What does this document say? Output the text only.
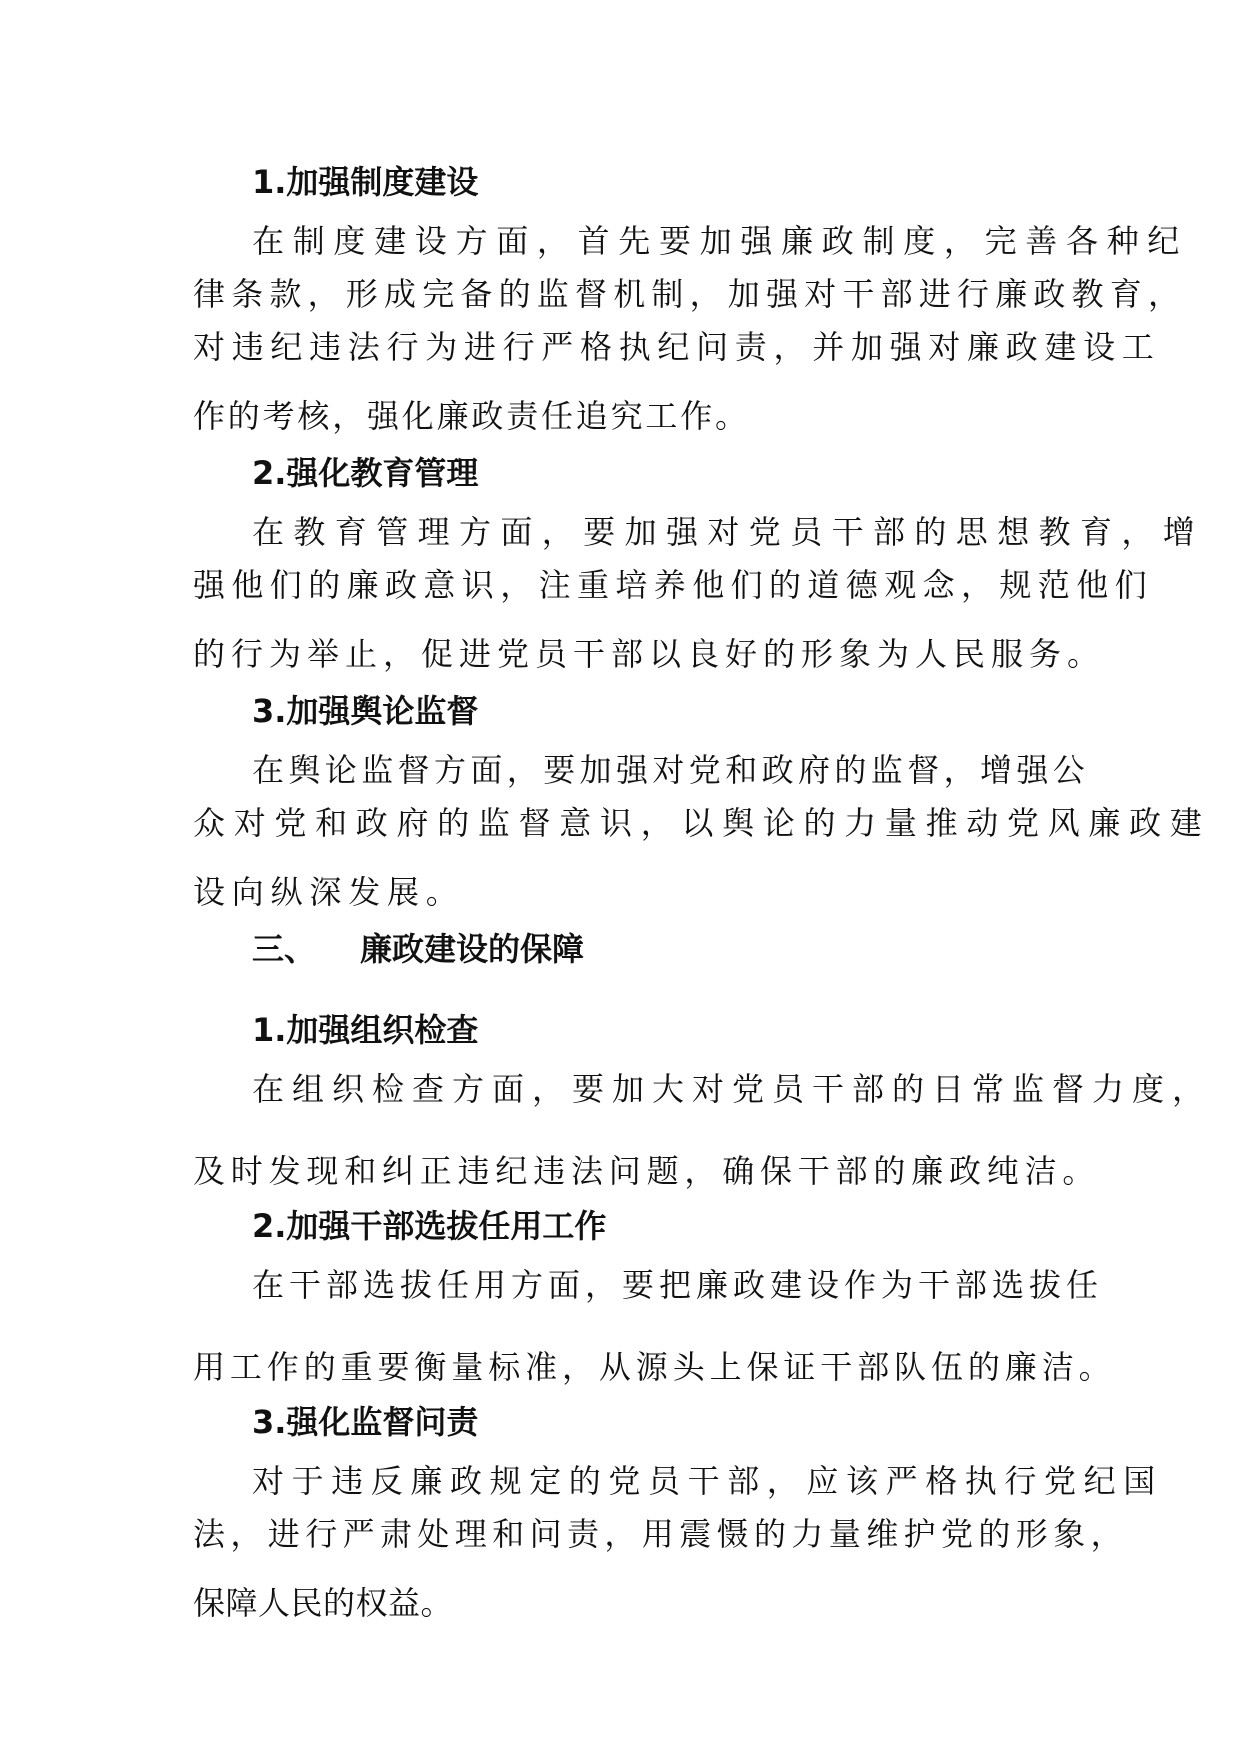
1.加强制度建设
在制度建设方面，首先要加强廉政制度，完善各种纪
律条款，形成完备的监督机制，加强对干部进行廉政教育，
对违纪违法行为进行严格执纪问责，并加强对廉政建设工
作的考核，强化廉政责任追究工作。
2.强化教育管理
在教育管理方面，要加强对党员干部的思想教育，增
强他们的廉政意识，注重培养他们的道德观念，规范他们
的行为举止，促进党员干部以良好的形象为人民服务。
3.加强舆论监督
在舆论监督方面，要加强对党和政府的监督，增强公
众对党和政府的监督意识，以舆论的力量推动党风廉政建
设向纵深发展。
三、 廉政建设的保障
1.加强组织检查
在组织检查方面，要加大对党员干部的日常监督力度，
及时发现和纠正违纪违法问题，确保干部的廉政纯洁。
2.加强干部选拔任用工作
在干部选拔任用方面，要把廉政建设作为干部选拔任
用工作的重要衡量标准，从源头上保证干部队伍的廉洁。
3.强化监督问责
对于违反廉政规定的党员干部，应该严格执行党纪国
法，进行严肃处理和问责，用震慑的力量维护党的形象，
保障人民的权益。
